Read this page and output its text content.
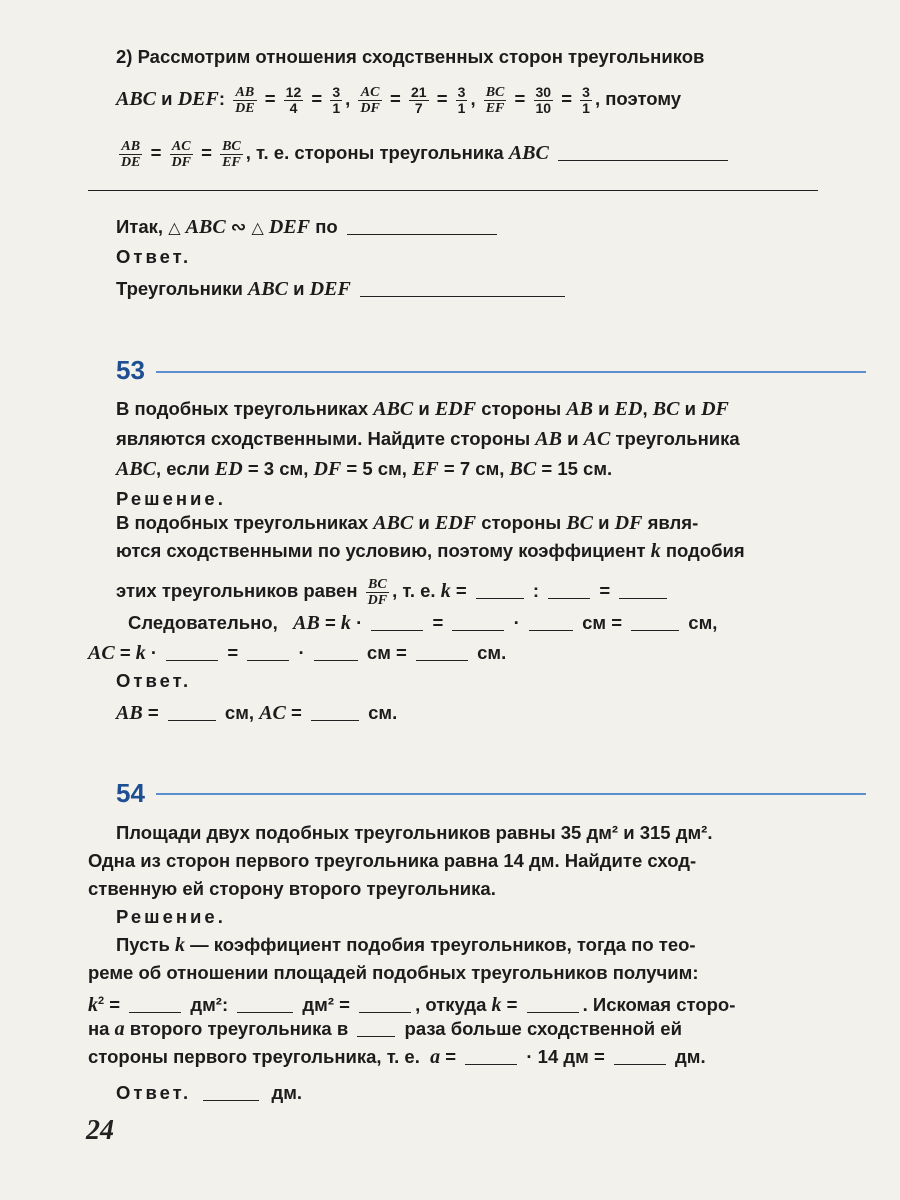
2) Рассмотрим отношения сходственных сторон треугольников
ABC и DEF: $\frac{AB}{DE} = \frac{12}{4} = \frac{3}{1}$ , $\frac{AC}{DF} = \frac{21}{7} = \frac{3}{1}$ , $\frac{BC}{EF} = \frac{30}{10} = \frac{3}{1}$ , поэтому
$\frac{AB}{DE} = \frac{AC}{DF} = \frac{BC}{EF}$ , т. е. стороны треугольника ABC
Итак, △ ABC ∾ △ DEF по
Ответ.
Треугольники ABC и DEF
53
В подобных треугольниках ABC и EDF стороны AB и ED, BC и DF
являются сходственными. Найдите стороны AB и AC треугольника
ABC, если ED = 3 см, DF = 5 см, EF = 7 см, BC = 15 см.
Решение.
В подобных треугольниках ABC и EDF стороны BC и DF явля-
ются сходственными по условию, поэтому коэффициент k подобия
этих треугольников равен $\frac{BC}{DF}$ , т. е. k =	:	=
Следовательно, AB = k ·	=	·	см =	см,
AC = k ·	=	·	см =	см.
Ответ.
AB =	см, AC =	см.
54
Площади двух подобных треугольников равны 35 дм² и 315 дм².
Одна из сторон первого треугольника равна 14 дм. Найдите сход-
ственную ей сторону второго треугольника.
Решение.
Пусть k — коэффициент подобия треугольников, тогда по тео-
реме об отношении площадей подобных треугольников получим:
$k^2$ =	дм²:	дм² =	, откуда k =	. Искомая сторо-
на a второго треугольника в	раза больше сходственной ей
стороны первого треугольника, т. е. a =	· 14 дм =	дм.
Ответ.	дм.
24
